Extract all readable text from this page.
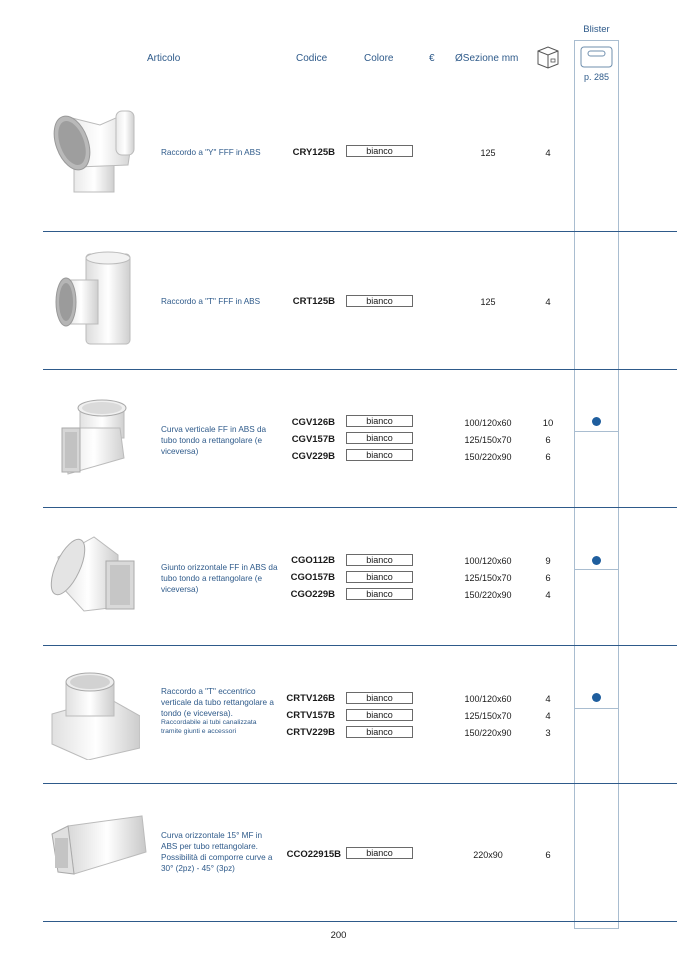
Blister
p. 285
Articolo	Codice	Colore	€ ØSezione mm
Raccordo a "Y" FFF in ABS	CRY125B	bianco	125	4
Raccordo a "T" FFF in ABS	CRT125B	bianco	125	4
Curva verticale FF in ABS da tubo tondo a rettangolare (e viceversa)
CGV126B	bianco	100/120x60	10
CGV157B	bianco	125/150x70	6
CGV229B	bianco	150/220x90	6
Giunto orizzontale FF in ABS da tubo tondo a rettangolare (e viceversa)
CGO112B	bianco	100/120x60	9
CGO157B	bianco	125/150x70	6
CGO229B	bianco	150/220x90	4
Raccordo a "T" eccentrico verticale da tubo rettangolare a tondo (e viceversa).
Raccordabile ai tubi canalizzata tramite giunti e accessori
CRTV126B	bianco	100/120x60	4
CRTV157B	bianco	125/150x70	4
CRTV229B	bianco	150/220x90	3
Curva orizzontale 15° MF in ABS per tubo rettangolare. Possibilità di comporre curve a 30° (2pz) - 45° (3pz)
CCO22915B	bianco	220x90	6
200
